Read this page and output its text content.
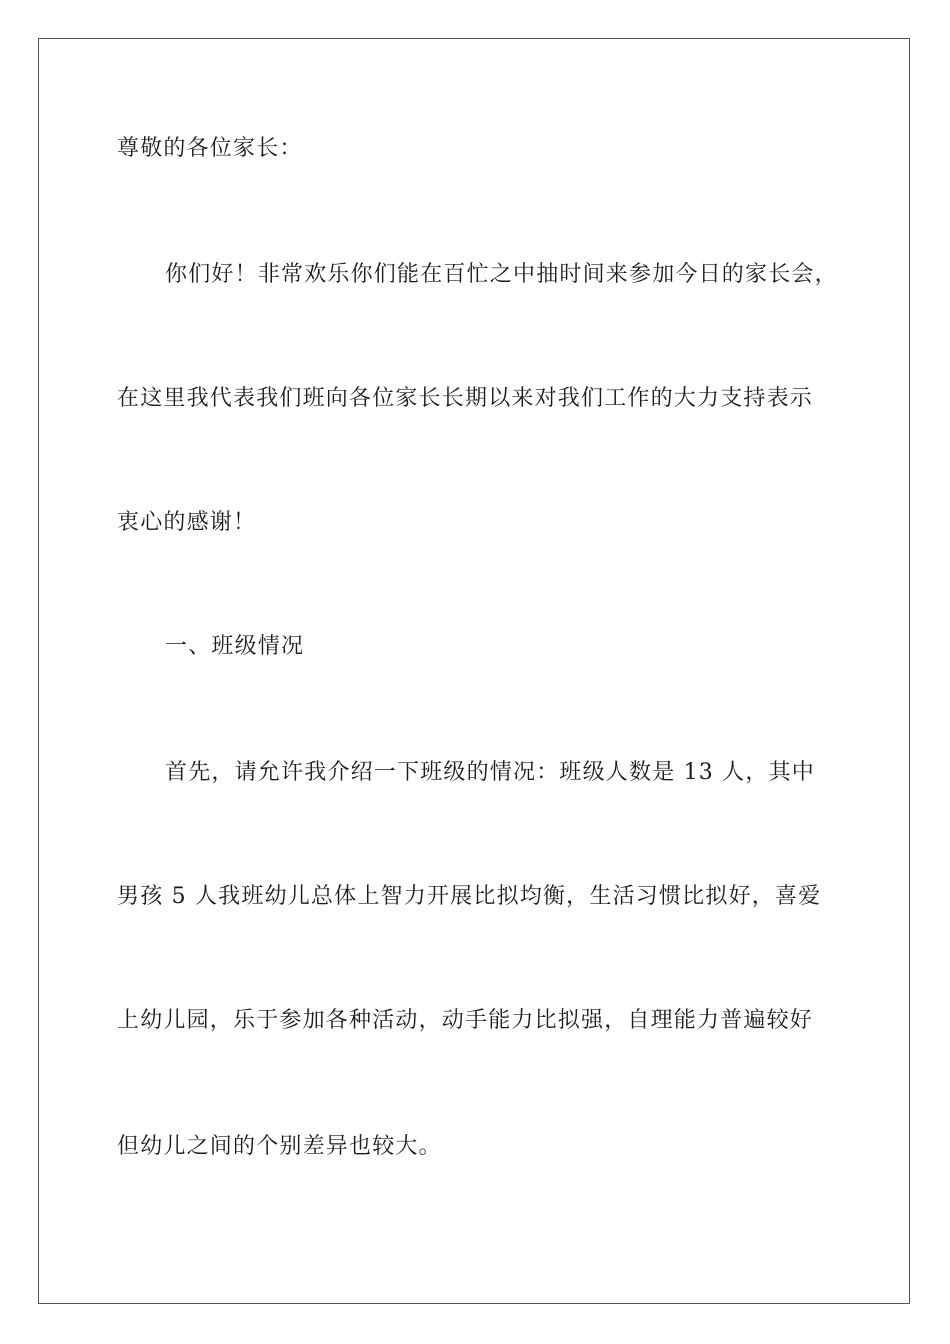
尊敬的各位家长：
你们好！非常欢乐你们能在百忙之中抽时间来参加今日的家长会，
在这里我代表我们班向各位家长长期以来对我们工作的大力支持表示
衷心的感谢！
一、班级情况
首先，请允许我介绍一下班级的情况：班级人数是 13 人，其中
男孩 5 人我班幼儿总体上智力开展比拟均衡，生活习惯比拟好，喜爱
上幼儿园，乐于参加各种活动，动手能力比拟强，自理能力普遍较好
但幼儿之间的个别差异也较大。
